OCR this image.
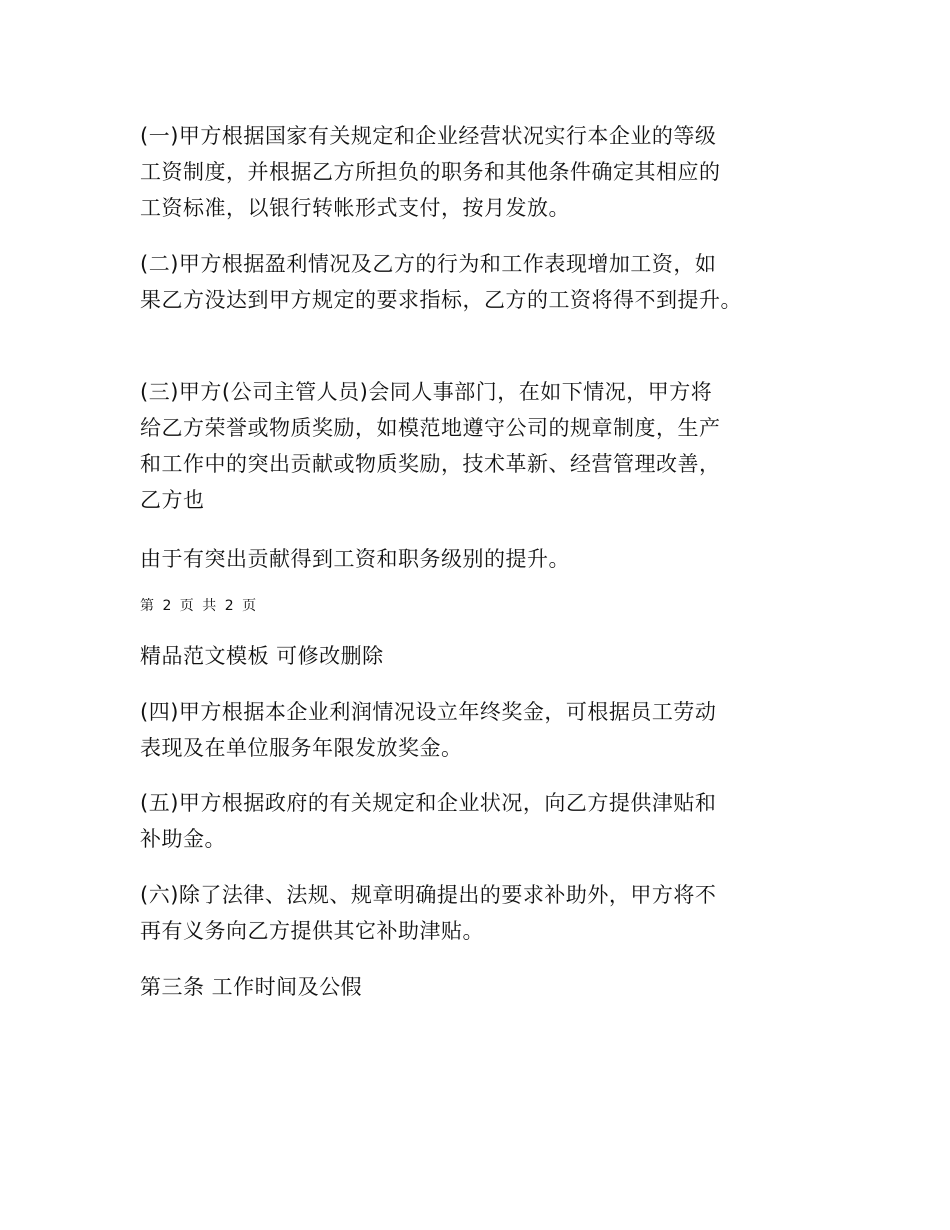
(一)甲方根据国家有关规定和企业经营状况实行本企业的等级
工资制度，并根据乙方所担负的职务和其他条件确定其相应的
工资标准，以银行转帐形式支付，按月发放。

(二)甲方根据盈利情况及乙方的行为和工作表现增加工资，如
果乙方没达到甲方规定的要求指标，乙方的工资将得不到提升。

(三)甲方(公司主管人员)会同人事部门，在如下情况，甲方将
给乙方荣誉或物质奖励，如模范地遵守公司的规章制度，生产
和工作中的突出贡献或物质奖励，技术革新、经营管理改善，
乙方也

由于有突出贡献得到工资和职务级别的提升。

第 2 页 共 2 页

精品范文模板 可修改删除

(四)甲方根据本企业利润情况设立年终奖金，可根据员工劳动
表现及在单位服务年限发放奖金。

(五)甲方根据政府的有关规定和企业状况，向乙方提供津贴和
补助金。

(六)除了法律、法规、规章明确提出的要求补助外，甲方将不
再有义务向乙方提供其它补助津贴。

第三条 工作时间及公假
